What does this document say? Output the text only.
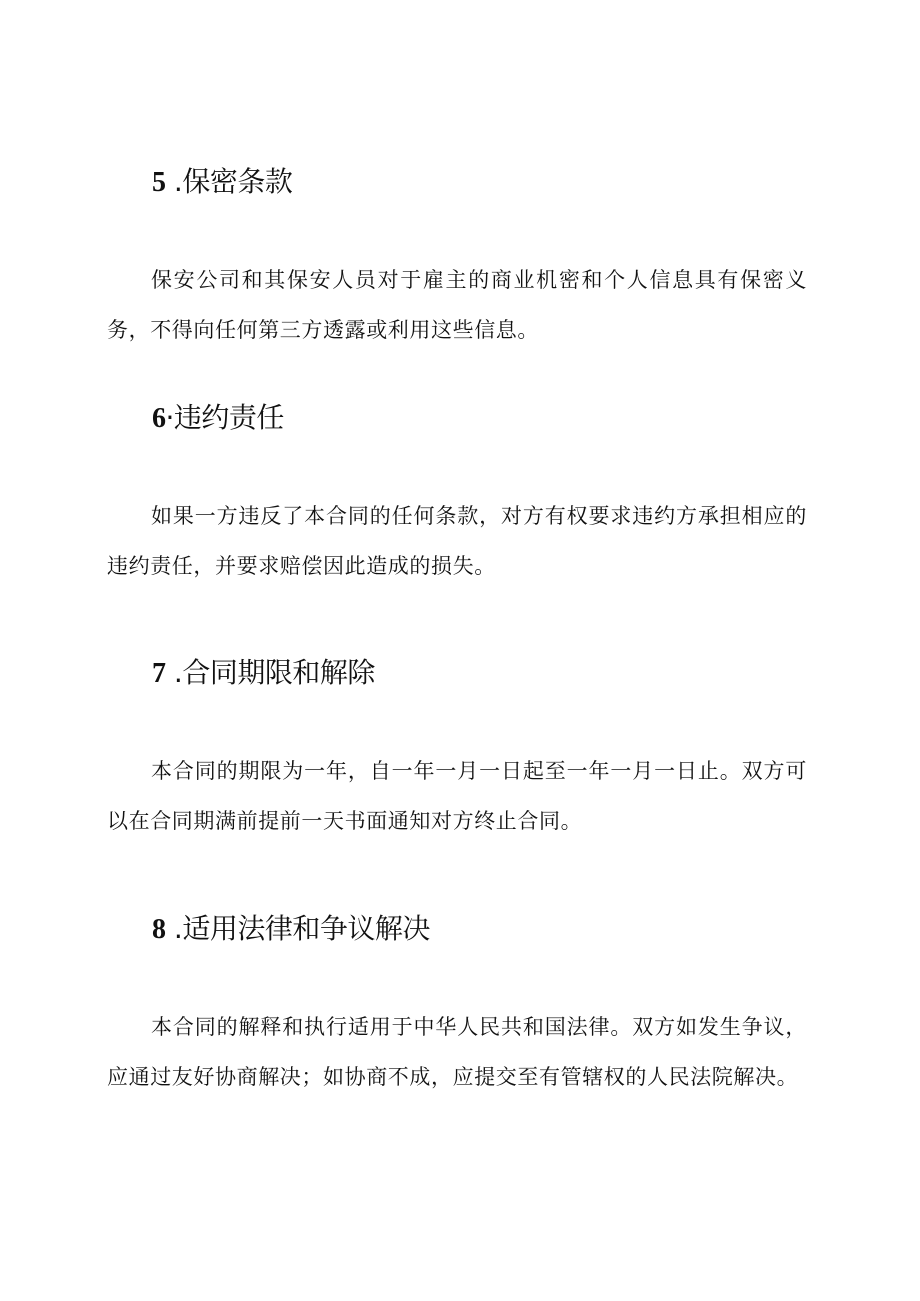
5 .保密条款

保安公司和其保安人员对于雇主的商业机密和个人信息具有保密义务，不得向任何第三方透露或利用这些信息。

6·违约责任

如果一方违反了本合同的任何条款，对方有权要求违约方承担相应的违约责任，并要求赔偿因此造成的损失。

7 .合同期限和解除

本合同的期限为一年，自一年一月一日起至一年一月一日止。双方可以在合同期满前提前一天书面通知对方终止合同。

8 .适用法律和争议解决

本合同的解释和执行适用于中华人民共和国法律。双方如发生争议，应通过友好协商解决；如协商不成，应提交至有管辖权的人民法院解决。
